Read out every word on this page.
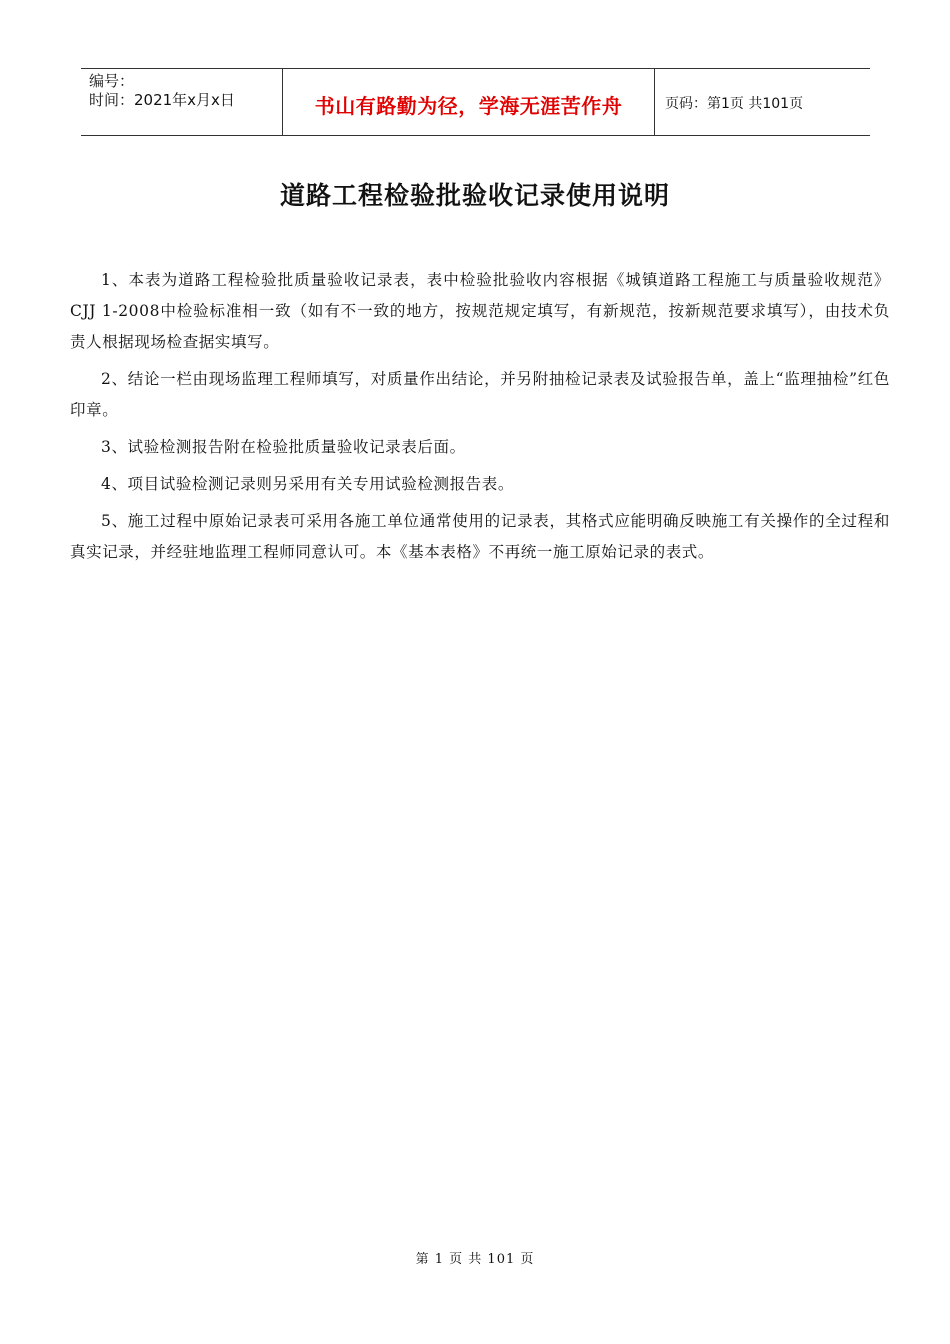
编号：
时间：2021年x月x日	书山有路勤为径，学海无涯苦作舟	页码：第1页 共101页
道路工程检验批验收记录使用说明

1、本表为道路工程检验批质量验收记录表，表中检验批验收内容根据《城镇道路工程施工与质量验收规范》CJJ 1-2008中检验标准相一致（如有不一致的地方，按规范规定填写，有新规范，按新规范要求填写），由技术负责人根据现场检查据实填写。

2、结论一栏由现场监理工程师填写，对质量作出结论，并另附抽检记录表及试验报告单，盖上“监理抽检”红色印章。

3、试验检测报告附在检验批质量验收记录表后面。

4、项目试验检测记录则另采用有关专用试验检测报告表。

5、施工过程中原始记录表可采用各施工单位通常使用的记录表，其格式应能明确反映施工有关操作的全过程和真实记录，并经驻地监理工程师同意认可。本《基本表格》不再统一施工原始记录的表式。

第 1 页 共 101 页
